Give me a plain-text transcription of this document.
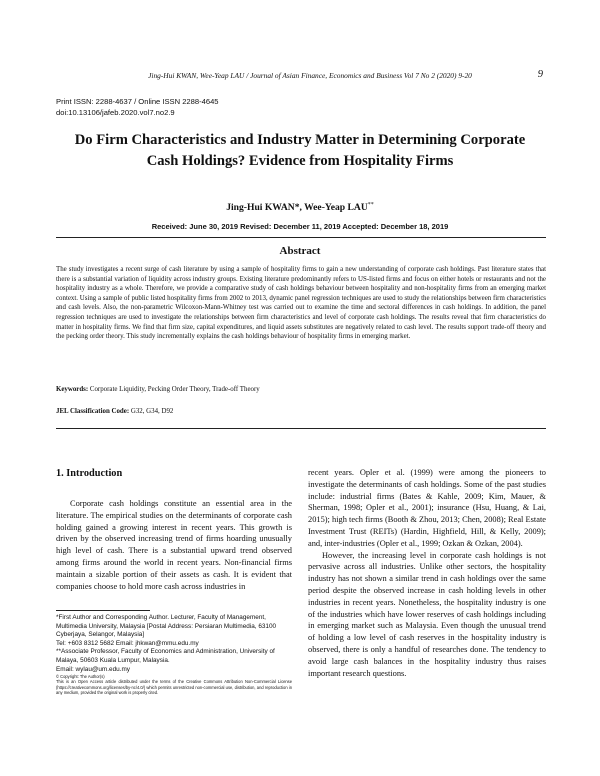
Jing-Hui KWAN, Wee-Yeap LAU / Journal of Asian Finance, Economics and Business Vol 7 No 2 (2020) 9-20	9
Print ISSN: 2288-4637 / Online ISSN 2288-4645
doi:10.13106/jafeb.2020.vol7.no2.9
Do Firm Characteristics and Industry Matter in Determining Corporate
Cash Holdings? Evidence from Hospitality Firms
Jing-Hui KWAN*, Wee-Yeap LAU**
Received: June 30, 2019 Revised: December 11, 2019 Accepted: December 18, 2019
Abstract

The study investigates a recent surge of cash literature by using a sample of hospitality firms to gain a new understanding of corporate cash holdings. Past literature states that there is a substantial variation of liquidity across industry groups. Existing literature predominantly refers to US-listed firms and focus on either hotels or restaurants and not the hospitality industry as a whole. Therefore, we provide a comparative study of cash holdings behaviour between hospitality and non-hospitality firms from an emerging market context. Using a sample of public listed hospitality firms from 2002 to 2013, dynamic panel regression techniques are used to study the relationships between firm characteristics and cash levels. Also, the non-parametric Wilcoxon-Mann-Whitney test was carried out to examine the time and sectoral differences in cash holdings. In addition, the panel regression techniques are used to investigate the relationships between firm characteristics and level of corporate cash holdings. The results reveal that firm characteristics do matter in hospitality firms. We find that firm size, capital expenditures, and liquid assets substitutes are negatively related to cash level. The results support trade-off theory and the pecking order theory. This study incrementally explains the cash holdings behaviour of hospitality firms in emerging market.

Keywords: Corporate Liquidity, Pecking Order Theory, Trade-off Theory
JEL Classification Code: G32, G34, D92
1. Introduction

Corporate cash holdings constitute an essential area in the literature. The empirical studies on the determinants of corporate cash holding gained a growing interest in recent years. This growth is driven by the observed increasing trend of firms hoarding unusually high level of cash. There is a substantial upward trend observed among firms around the world in recent years. Non-financial firms maintain a sizable portion of their assets as cash. It is evident that companies choose to hold more cash across industries in

recent years. Opler et al. (1999) were among the pioneers to investigate the determinants of cash holdings. Some of the past studies include: industrial firms (Bates & Kahle, 2009; Kim, Mauer, & Sherman, 1998; Opler et al., 2001); insurance (Hsu, Huang, & Lai, 2015); high tech firms (Booth & Zhou, 2013; Chen, 2008); Real Estate Investment Trust (REITs) (Hardin, Highfield, Hill, & Kelly, 2009); and, inter-industries (Opler et al., 1999; Ozkan & Ozkan, 2004).

However, the increasing level in corporate cash holdings is not pervasive across all industries. Unlike other sectors, the hospitality industry has not shown a similar trend in cash holdings over the same period despite the observed increase in cash holding levels in other industries in recent years. Nonetheless, the hospitality industry is one of the industries which have lower reserves of cash holdings including in emerging market such as Malaysia. Even though the unusual trend of holding a low level of cash reserves in the hospitality industry is observed, there is only a handful of researches done. The tendency to avoid large cash balances in the hospitality industry thus raises important research questions.

*First Author and Corresponding Author. Lecturer, Faculty of Management, Multimedia University, Malaysia [Postal Address: Persiaran Multimedia, 63100 Cyberjaya, Selangor, Malaysia]
Tel: +603 8312 5682 Email: jhkwan@mmu.edu.my
**Associate Professor, Faculty of Economics and Administration, University of Malaya, 50603 Kuala Lumpur, Malaysia.
Email: wylau@um.edu.my
© Copyright: The Author(s)
This is an Open Access article distributed under the terms of the Creative Commons Attribution Non-Commercial License (https://creativecommons.org/licenses/by-nc/4.0/) which permits unrestricted non-commercial use, distribution, and reproduction in any medium, provided the original work is properly cited.
